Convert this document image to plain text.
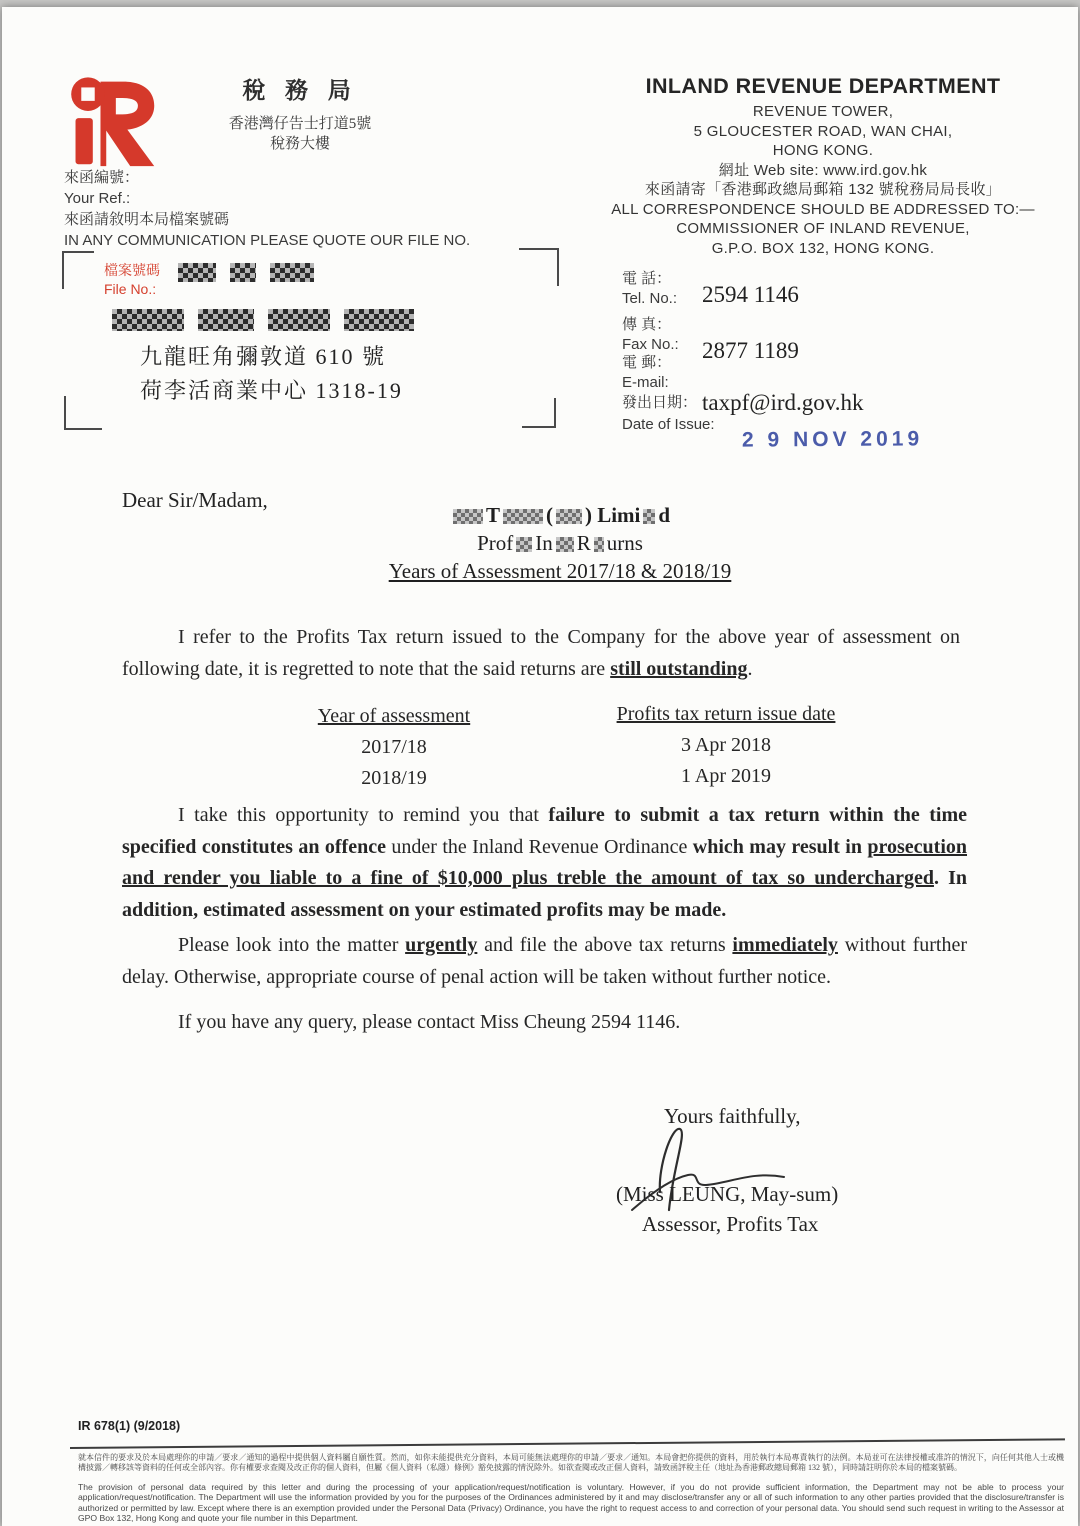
稅 務 局
香港灣仔告士打道5號
稅務大樓
INLAND REVENUE DEPARTMENT
REVENUE TOWER,
5 GLOUCESTER ROAD, WAN CHAI,
HONG KONG.
網址 Web site: www.ird.gov.hk
來函請寄「香港郵政總局郵箱 132 號稅務局局長收」
ALL CORRESPONDENCE SHOULD BE ADDRESSED TO:—
COMMISSIONER OF INLAND REVENUE,
G.P.O. BOX 132, HONG KONG.
來函編號：
Your Ref.:
來函請敘明本局檔案號碼
IN ANY COMMUNICATION PLEASE QUOTE OUR FILE NO.
檔案號碼
File No.:

九龍旺角彌敦道 610 號
荷李活商業中心 1318-19
電 話：
Tel. No.: 2594 1146
傳 真：
Fax No.: 2877 1189
電 郵：
E-mail:
發出日期： taxpf@ird.gov.hk
Date of Issue:
2 9 NOV 2019
Dear Sir/Madam,
T ( ) Limi d
Prof In R urns
Years of Assessment 2017/18 & 2018/19
I refer to the Profits Tax return issued to the Company for the above year of assessment on following date, it is regretted to note that the said returns are still outstanding.
Year of assessment
2017/18
2018/19
Profits tax return issue date
3 Apr 2018
1 Apr 2019
I take this opportunity to remind you that failure to submit a tax return within the time specified constitutes an offence under the Inland Revenue Ordinance which may result in prosecution and render you liable to a fine of $10,000 plus treble the amount of tax so undercharged. In addition, estimated assessment on your estimated profits may be made.
Please look into the matter urgently and file the above tax returns immediately without further delay. Otherwise, appropriate course of penal action will be taken without further notice.
If you have any query, please contact Miss Cheung 2594 1146.
Yours faithfully,
(Miss LEUNG, May-sum)
Assessor, Profits Tax
IR 678(1) (9/2018)
就本信件的要求及於本局處理你的申請／要求／通知的過程中提供個人資料屬自願性質。然而，如你未能提供充分資料，本局可能無法處理你的申請／要求／通知。本局會把你提供的資料，用於執行本局專責執行的法例。本局並可在法律授權或准許的情況下，向任何其他人士或機構披露／轉移該等資料的任何或全部內容。你有權要求查閱及改正你的個人資料，但屬《個人資料（私隱）條例》豁免披露的情況除外。如欲查閱或改正個人資料，請致函評稅主任（地址為香港郵政總局郵箱 132 號），同時請註明你於本局的檔案號碼。
The provision of personal data required by this letter and during the processing of your application/request/notification is voluntary. However, if you do not provide sufficient information, the Department may not be able to process your application/request/notification. The Department will use the information provided by you for the purposes of the Ordinances administered by it and may disclose/transfer any or all of such information to any other parties provided that the disclosure/transfer is authorized or permitted by law. Except where there is an exemption provided under the Personal Data (Privacy) Ordinance, you have the right to request access to and correction of your personal data. You should send such request in writing to the Assessor at GPO Box 132, Hong Kong and quote your file number in this Department.
